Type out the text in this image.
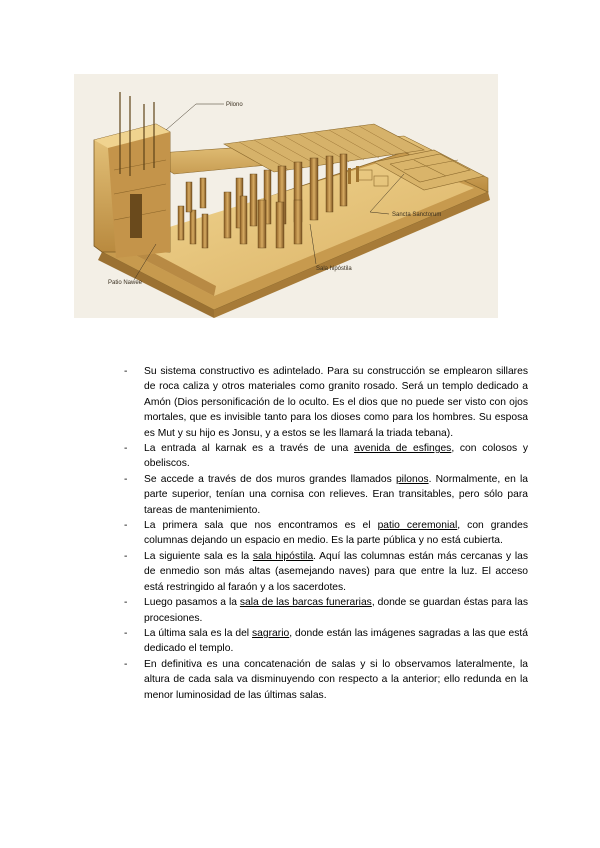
Pilono
Sancta Sanctorum
Sala hipóstila
Patio Nawee
-	Su sistema constructivo es adintelado. Para su construcción se emplearon sillares de roca caliza y otros materiales como granito rosado. Será un templo dedicado a Amón (Dios personificación de lo oculto. Es el dios que no puede ser visto con ojos mortales, que es invisible tanto para los dioses como para los hombres. Su esposa es Mut y su hijo es Jonsu, y a estos se les llamará la triada tebana).
-	La entrada al karnak es a través de una avenida de esfinges, con colosos y obeliscos.
-	Se accede a través de dos muros grandes llamados pilonos. Normalmente, en la parte superior, tenían una cornisa con relieves. Eran transitables, pero sólo para tareas de mantenimiento.
-	La primera sala que nos encontramos es el patio ceremonial, con grandes columnas dejando un espacio en medio. Es la parte pública y no está cubierta.
-	La siguiente sala es la sala hipóstila. Aquí las columnas están más cercanas y las de enmedio son más altas (asemejando naves) para que entre la luz. El acceso está restringido al faraón y a los sacerdotes.
-	Luego pasamos a la sala de las barcas funerarias, donde se guardan éstas para las procesiones.
-	La última sala es la del sagrario, donde están las imágenes sagradas a las que está dedicado el templo.
-	En definitiva es una concatenación de salas y si lo observamos lateralmente, la altura de cada sala va disminuyendo con respecto a la anterior; ello redunda en la menor luminosidad de las últimas salas.
